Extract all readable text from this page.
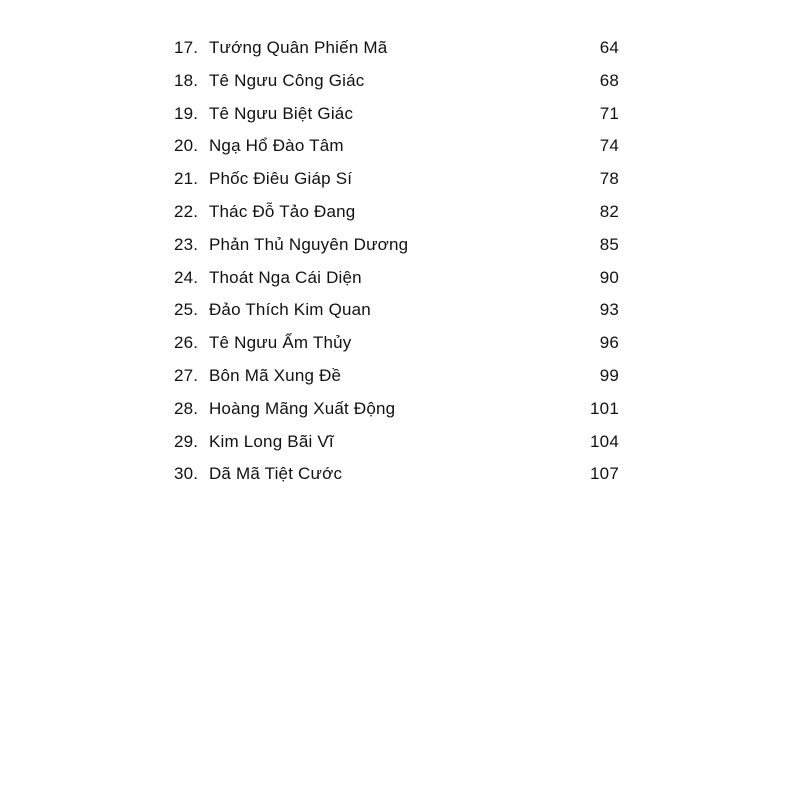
17. Tướng Quân Phiến Mã	64
18. Tê Ngưu Công Giác	68
19. Tê Ngưu Biệt Giác	71
20. Ngạ Hổ Đào Tâm	74
21. Phốc Điêu Giáp Sí	78
22. Thác Đỗ Tảo Đang	82
23. Phản Thủ Nguyên Dương	85
24. Thoát Nga Cái Diện	90
25. Đảo Thích Kim Quan	93
26. Tê Ngưu Ẩm Thủy	96
27. Bôn Mã Xung Đề	99
28. Hoàng Mãng Xuất Động	101
29. Kim Long Bãi Vĩ	104
30. Dã Mã Tiệt Cước	107
